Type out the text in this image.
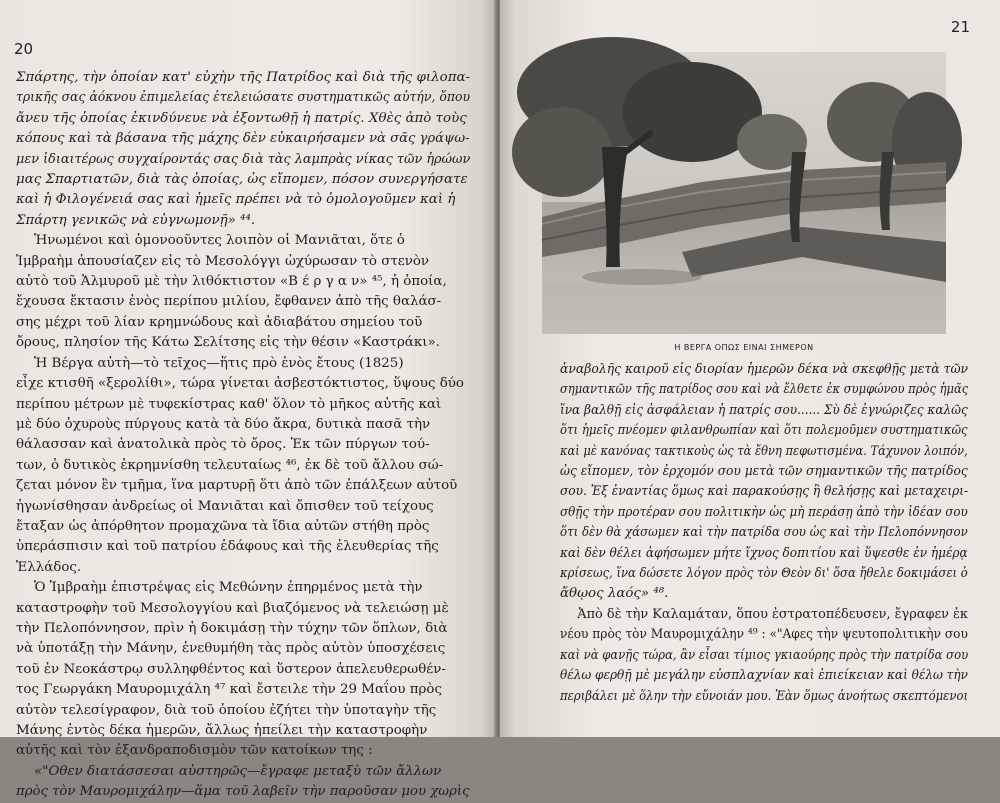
20
Σπάρτης, τὴν ὁποίαν κατ' εὐχὴν τῆς Πατρίδος καὶ διὰ τῆς φιλοπα-
τρικῆς σας ἀόκνου ἐπιμελείας ἐτελειώσατε συστηματικῶς αὐτήν, ὅπου
ἄνευ τῆς ὁποίας ἐκινδύνευε νὰ ἐξοντωθῇ ἡ πατρίς. Χθὲς ἀπὸ τοὺς
κόπους καὶ τὰ βάσανα τῆς μάχης δὲν εὐκαιρήσαμεν νὰ σᾶς γράψω-
μεν ἰδιαιτέρως συγχαίροντάς σας διὰ τὰς λαμπρὰς νίκας τῶν ἡρώων
μας Σπαρτιατῶν, διὰ τὰς ὁποίας, ὡς εἴπομεν, πόσον συνεργήσατε
καὶ ἡ Φιλογένειά σας καὶ ἡμεῖς πρέπει νὰ τὸ ὁμολογοῦμεν καὶ ἡ
Σπάρτη γενικῶς νὰ εὐγνωμονῇ» ⁴⁴.
Ἡνωμένοι καὶ ὁμονοοῦντες λοιπὸν οἱ Μανιᾶται, ὅτε ὁ
Ἰμβραὴμ ἀπουσίαζεν εἰς τὸ Μεσολόγγι ὠχύρωσαν τὸ στενὸν
αὐτὸ τοῦ Ἁλμυροῦ μὲ τὴν λιθόκτιστον «Β έ ρ γ α ν» ⁴⁵, ἡ ὁποία,
ἔχουσα ἔκτασιν ἑνὸς περίπου μιλίου, ἔφθανεν ἀπὸ τῆς θαλάσ-
σης μέχρι τοῦ λίαν κρημνώδους καὶ ἀδιαβάτου σημείου τοῦ
ὄρους, πλησίον τῆς Κάτω Σελίτσης εἰς τὴν θέσιν «Καστράκι».
Ἡ Βέργα αὐτὴ—τὸ τεῖχος—ἥτις πρὸ ἑνὸς ἔτους (1825)
εἶχε κτισθῆ «ξερολίθι», τώρα γίνεται ἀσβεστόκτιστος, ὕψους δύο
περίπου μέτρων μὲ τυφεκίστρας καθ' ὅλον τὸ μῆκος αὐτῆς καὶ
μὲ δύο ὀχυροὺς πύργους κατὰ τὰ δύο ἄκρα, δυτικὰ πασᾶ τὴν
θάλασσαν καὶ ἀνατολικὰ πρὸς τὸ ὄρος. Ἐκ τῶν πύργων τού-
των, ὁ δυτικὸς ἐκρημνίσθη τελευταίως ⁴⁶, ἐκ δὲ τοῦ ἄλλου σώ-
ζεται μόνον ἓν τμῆμα, ἵνα μαρτυρῇ ὅτι ἀπὸ τῶν ἐπάλξεων αὐτοῦ
ἠγωνίσθησαν ἀνδρείως οἱ Μανιᾶται καὶ ὄπισθεν τοῦ τείχους
ἔταξαν ὡς ἀπόρθητον προμαχῶνα τὰ ἴδια αὐτῶν στήθη πρὸς
ὑπεράσπισιν καὶ τοῦ πατρίου ἐδάφους καὶ τῆς ἐλευθερίας τῆς
Ἑλλάδος.
Ὁ Ἰμβραὴμ ἐπιστρέψας εἰς Μεθώνην ἐπηρμένος μετὰ τὴν
καταστροφὴν τοῦ Μεσολογγίου καὶ βιαζόμενος νὰ τελειώσῃ μὲ
τὴν Πελοπόννησον, πρὶν ἡ δοκιμάσῃ τὴν τύχην τῶν ὅπλων, διὰ
νὰ ὑποτάξῃ τὴν Μάνην, ἐνεθυμήθη τὰς πρὸς αὐτὸν ὑποσχέσεις
τοῦ ἐν Νεοκάστρῳ συλληφθέντος καὶ ὕστερον ἀπελευθερωθέν-
τος Γεωργάκη Μαυρομιχάλη ⁴⁷ καὶ ἔστειλε τὴν 29 Μαΐου πρὸς
αὐτὸν τελεσίγραφον, διὰ τοῦ ὁποίου ἐζήτει τὴν ὑποταγὴν τῆς
Μάνης ἐντὸς δέκα ἡμερῶν, ἄλλως ἠπείλει τὴν καταστροφὴν
αὐτῆς καὶ τὸν ἐξανδραποδισμὸν τῶν κατοίκων της :
«"Οθεν διατάσσεσαι αὐστηρῶς—ἔγραφε μεταξὺ τῶν ἄλλων
πρὸς τὸν Μαυρομιχάλην—ἅμα τοῦ λαβεῖν τὴν παροῦσαν μου χωρὶς
21
Η ΒΕΡΓΑ ΟΠΩΣ ΕΙΝΑΙ ΣΗΜΕΡΟΝ
ἀναβολῆς καιροῦ εἰς διορίαν ἡμερῶν δέκα νὰ σκεφθῇς μετὰ τῶν
σημαντικῶν τῆς πατρίδος σου καὶ νὰ ἔλθετε ἐκ συμφώνου πρὸς ἡμᾶς
ἵνα βαλθῇ εἰς ἀσφάλειαν ἡ πατρίς σου...... Σὺ δὲ ἐγνώριζες καλῶς
ὅτι ἡμεῖς πνέομεν φιλανθρωπίαν καὶ ὅτι πολεμοῦμεν συστηματικῶς
καὶ μὲ κανόνας τακτικοὺς ὡς τὰ ἔθνη πεφωτισμένα. Τάχυνον λοιπόν,
ὡς εἴπομεν, τὸν ἐρχομόν σου μετὰ τῶν σημαντικῶν τῆς πατρίδος
σου. Ἐξ ἐναντίας ὅμως καὶ παρακούσῃς ἢ θελήσῃς καὶ μεταχειρι-
σθῇς τὴν προτέραν σου πολιτικὴν ὡς μὴ περάσῃ ἀπὸ τὴν ἰδέαν σου
ὅτι δὲν θὰ χάσωμεν καὶ τὴν πατρίδα σου ὡς καὶ τὴν Πελοπόννησον
καὶ δὲν θέλει ἀφήσωμεν μήτε ἴχνος δοπιτίου καὶ ὕψεσθε ἐν ἡμέρᾳ
κρίσεως, ἵνα δώσετε λόγον πρὸς τὸν Θεὸν δι' ὅσα ἤθελε δοκιμάσει ὁ
ἄθῳος λαός» ⁴⁸.
Ἀπὸ δὲ τὴν Καλαμάταν, ὅπου ἐστρατοπέδευσεν, ἔγραφεν ἐκ
νέου πρὸς τὸν Μαυρομιχάλην ⁴⁹ : «"Αφες τὴν ψευτοπολιτικὴν σου
καὶ νὰ φανῇς τώρα, ἂν εἶσαι τίμιος γκιαούρης πρὸς τὴν πατρίδα σου
θέλω φερθῇ μὲ μεγάλην εὐσπλαχνίαν καὶ ἐπιείκειαν καὶ θέλω τὴν
περιβάλει μὲ ὅλην τὴν εὔνοιάν μου. Ἐὰν ὅμως ἀνοήτως σκεπτόμενοι
